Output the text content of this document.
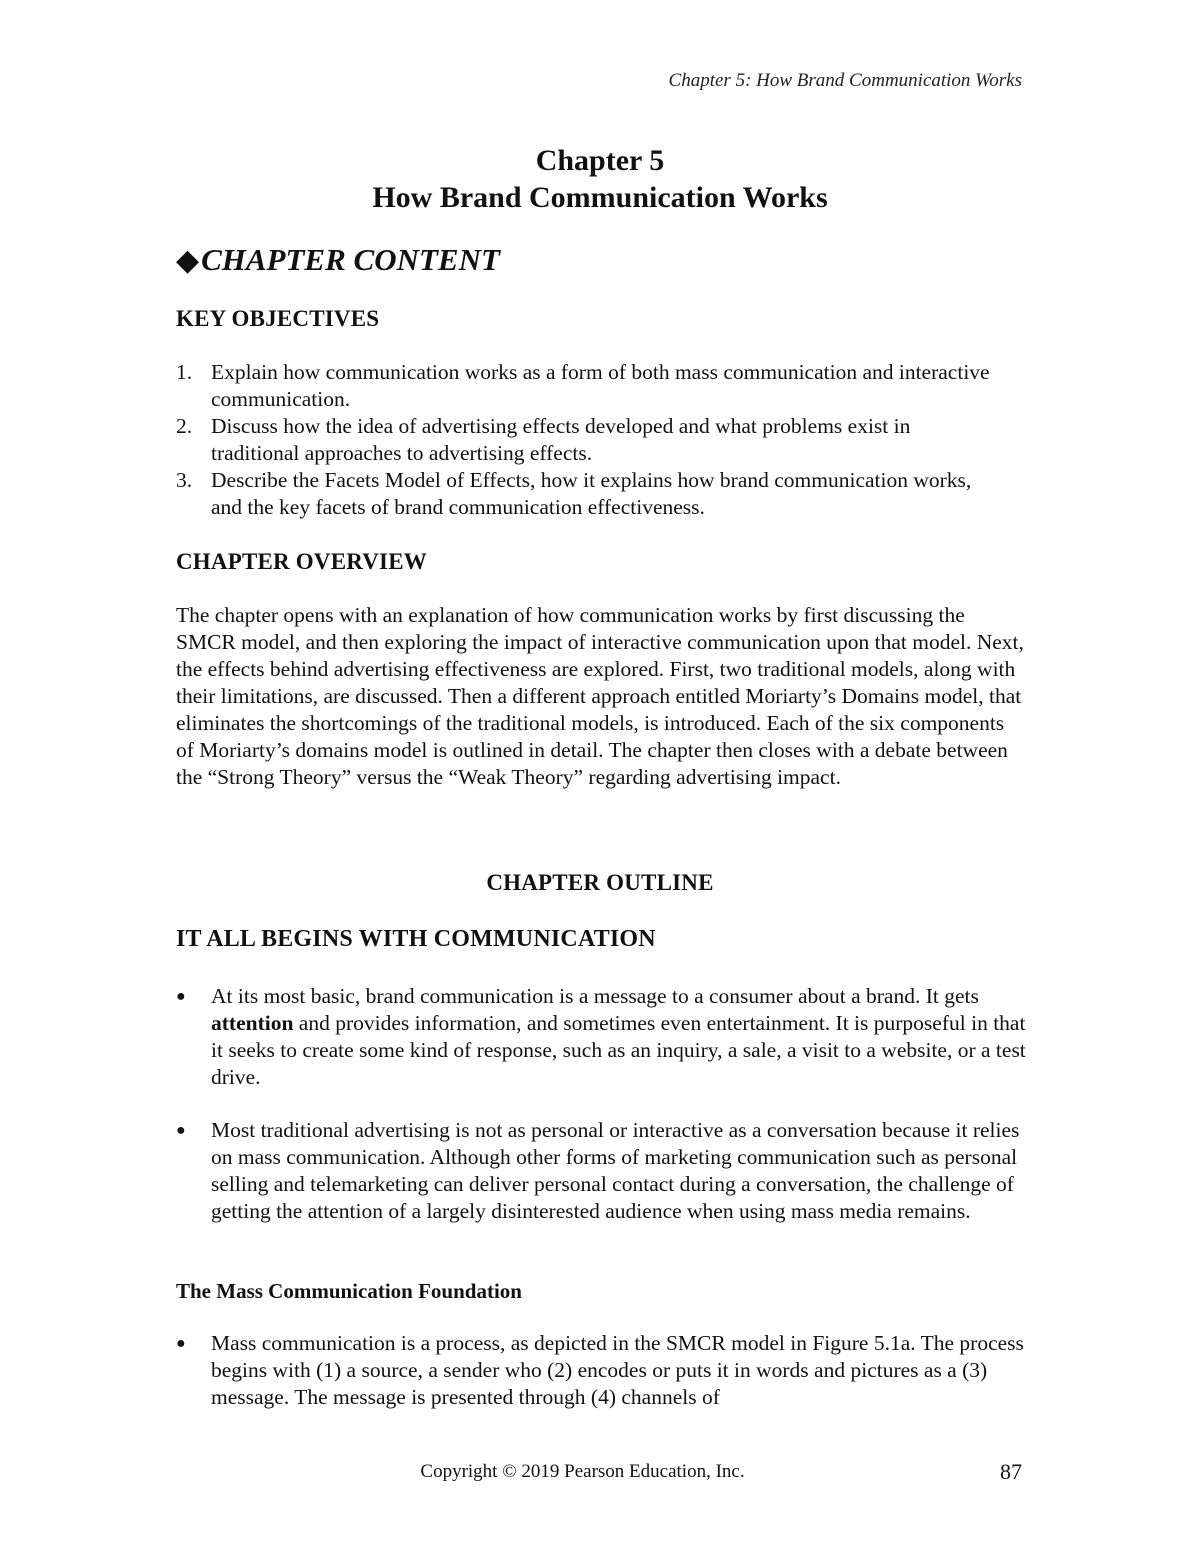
Chapter 5: How Brand Communication Works
Chapter 5
How Brand Communication Works
◆ CHAPTER CONTENT
KEY OBJECTIVES
1. Explain how communication works as a form of both mass communication and interactive communication.
2. Discuss how the idea of advertising effects developed and what problems exist in traditional approaches to advertising effects.
3. Describe the Facets Model of Effects, how it explains how brand communication works, and the key facets of brand communication effectiveness.
CHAPTER OVERVIEW
The chapter opens with an explanation of how communication works by first discussing the SMCR model, and then exploring the impact of interactive communication upon that model. Next, the effects behind advertising effectiveness are explored. First, two traditional models, along with their limitations, are discussed. Then a different approach entitled Moriarty’s Domains model, that eliminates the shortcomings of the traditional models, is introduced. Each of the six components of Moriarty’s domains model is outlined in detail. The chapter then closes with a debate between the “Strong Theory” versus the “Weak Theory” regarding advertising impact.
CHAPTER OUTLINE
IT ALL BEGINS WITH COMMUNICATION
●	At its most basic, brand communication is a message to a consumer about a brand. It gets attention and provides information, and sometimes even entertainment. It is purposeful in that it seeks to create some kind of response, such as an inquiry, a sale, a visit to a website, or a test drive.
●	Most traditional advertising is not as personal or interactive as a conversation because it relies on mass communication. Although other forms of marketing communication such as personal selling and telemarketing can deliver personal contact during a conversation, the challenge of getting the attention of a largely disinterested audience when using mass media remains.
The Mass Communication Foundation
●	Mass communication is a process, as depicted in the SMCR model in Figure 5.1a. The process begins with (1) a source, a sender who (2) encodes or puts it in words and pictures as a (3) message. The message is presented through (4) channels of
Copyright © 2019 Pearson Education, Inc.	87
